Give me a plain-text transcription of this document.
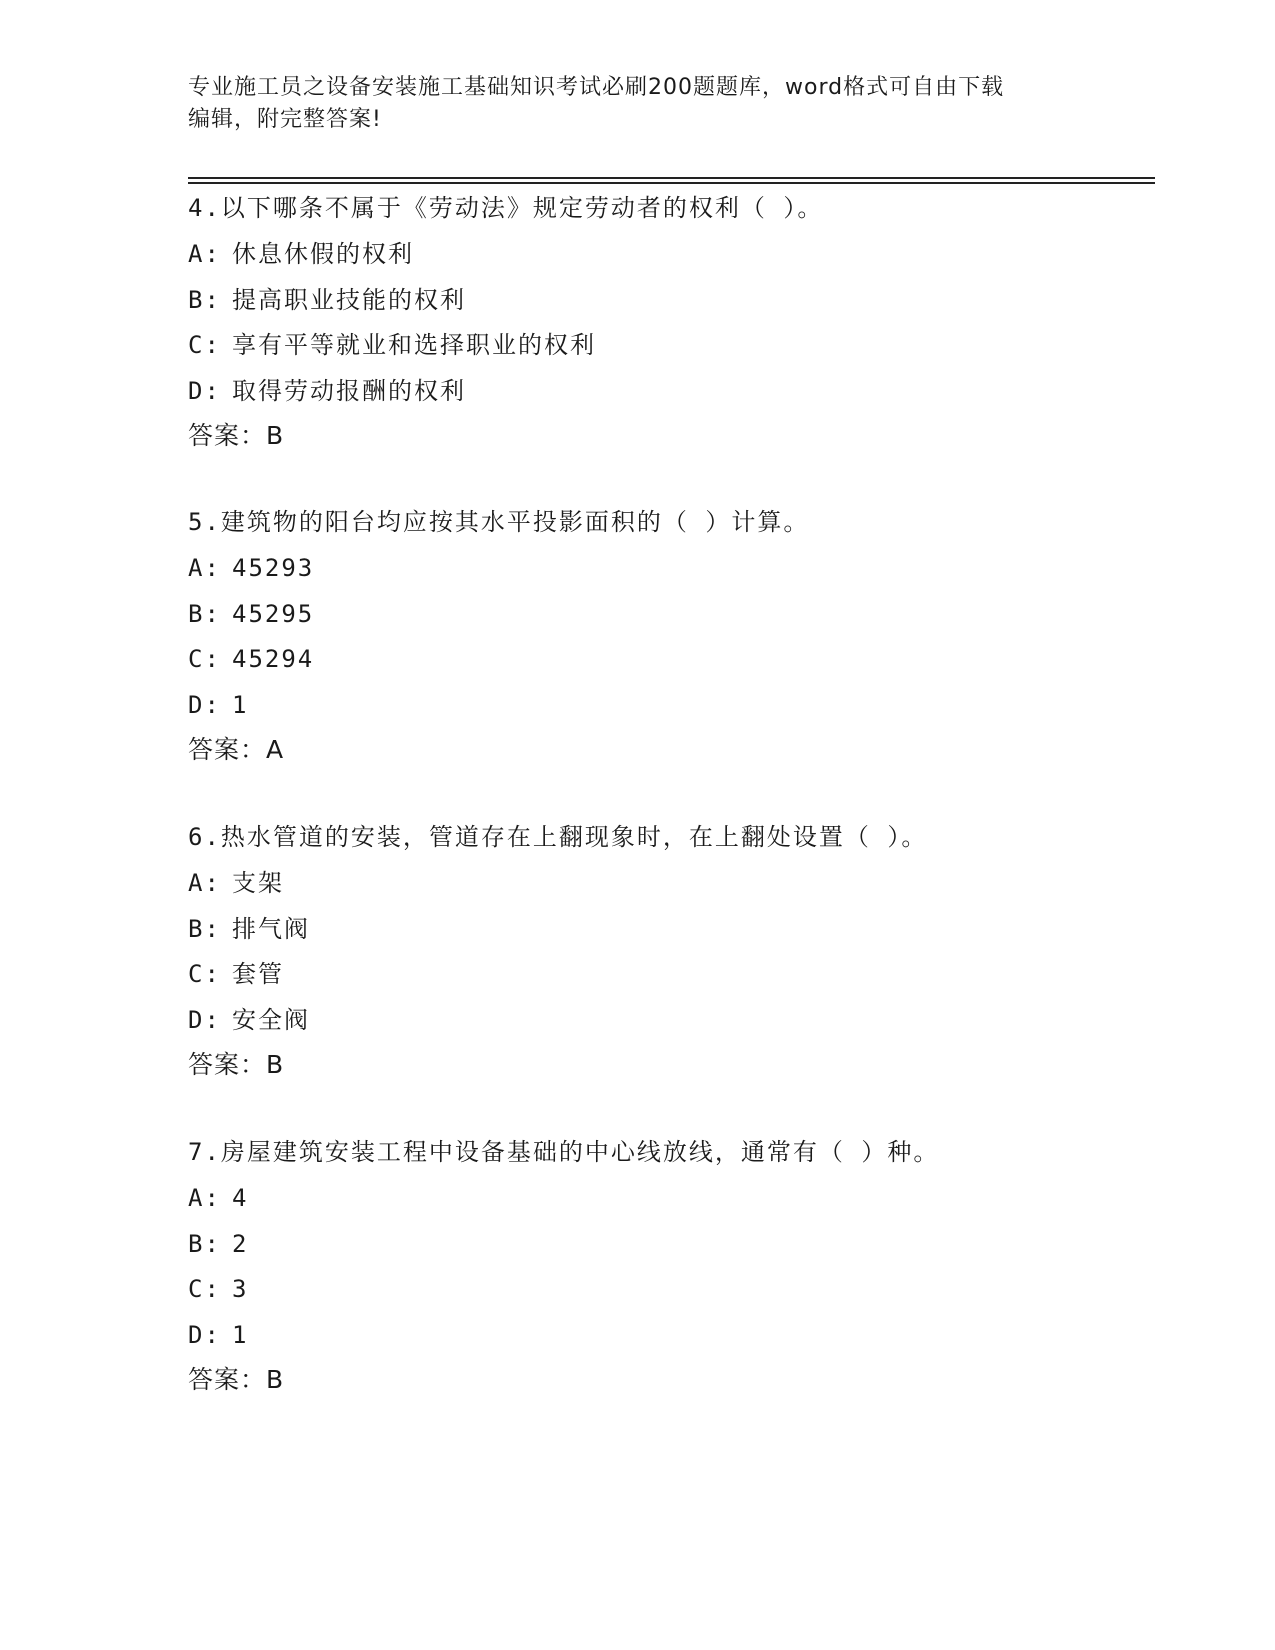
专业施工员之设备安装施工基础知识考试必刷200题题库，word格式可自由下载
编辑，附完整答案!
4.以下哪条不属于《劳动法》规定劳动者的权利（ ）。
A: 休息休假的权利
B: 提高职业技能的权利
C: 享有平等就业和选择职业的权利
D: 取得劳动报酬的权利
答案：B
5.建筑物的阳台均应按其水平投影面积的（ ）计算。
A: 45293
B: 45295
C: 45294
D: 1
答案：A
6.热水管道的安装，管道存在上翻现象时，在上翻处设置（ ）。
A: 支架
B: 排气阀
C: 套管
D: 安全阀
答案：B
7.房屋建筑安装工程中设备基础的中心线放线，通常有（ ）种。
A: 4
B: 2
C: 3
D: 1
答案：B
